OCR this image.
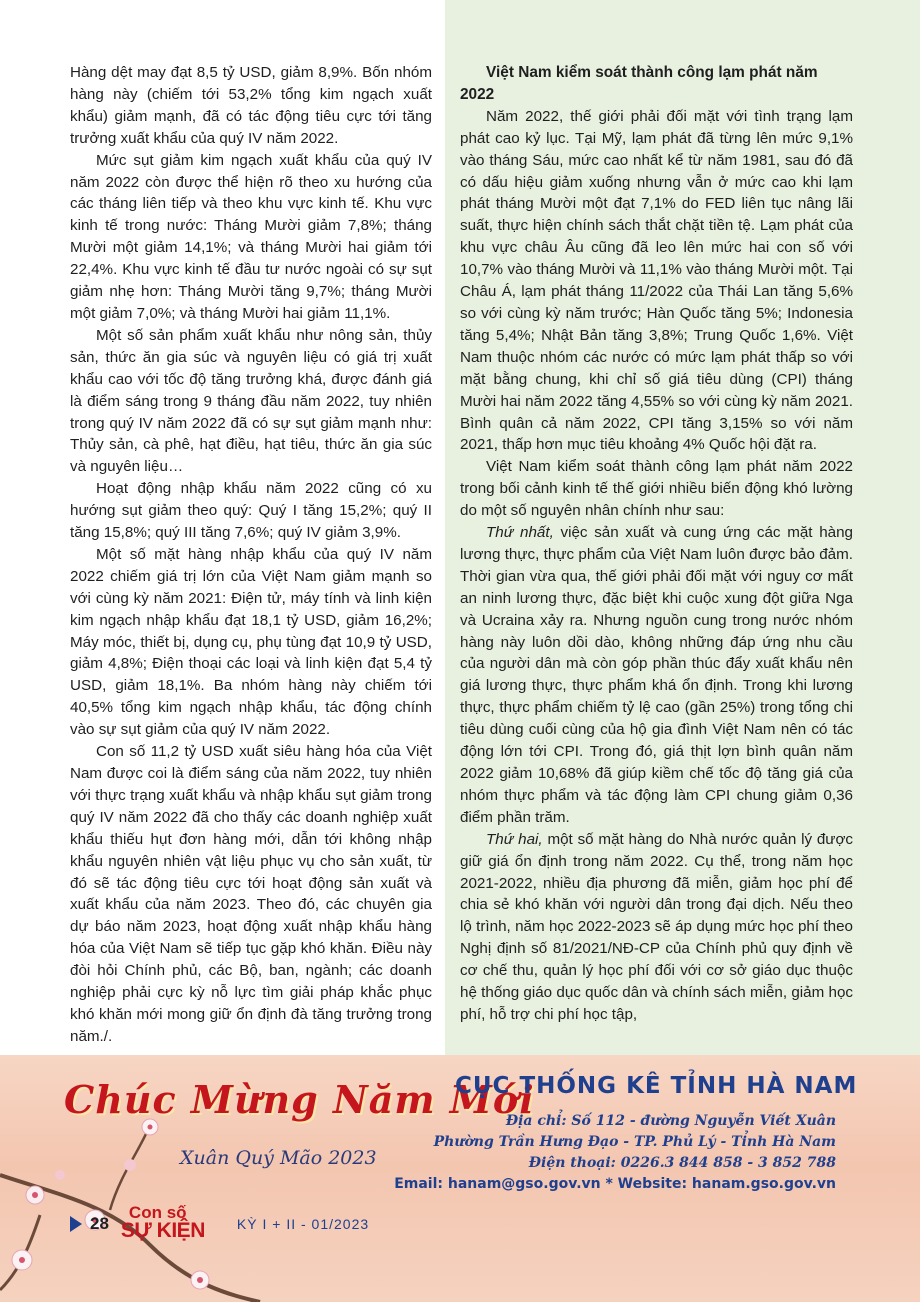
Hàng dệt may đạt 8,5 tỷ USD, giảm 8,9%. Bốn nhóm hàng này (chiếm tới 53,2% tổng kim ngạch xuất khẩu) giảm mạnh, đã có tác động tiêu cực tới tăng trưởng xuất khẩu của quý IV năm 2022.

Mức sụt giảm kim ngạch xuất khẩu của quý IV năm 2022 còn được thể hiện rõ theo xu hướng của các tháng liên tiếp và theo khu vực kinh tế. Khu vực kinh tế trong nước: Tháng Mười giảm 7,8%; tháng Mười một giảm 14,1%; và tháng Mười hai giảm tới 22,4%. Khu vực kinh tế đầu tư nước ngoài có sự sụt giảm nhẹ hơn: Tháng Mười tăng 9,7%; tháng Mười một giảm 7,0%; và tháng Mười hai giảm 11,1%.

Một số sản phẩm xuất khẩu như nông sản, thủy sản, thức ăn gia súc và nguyên liệu có giá trị xuất khẩu cao với tốc độ tăng trưởng khá, được đánh giá là điểm sáng trong 9 tháng đầu năm 2022, tuy nhiên trong quý IV năm 2022 đã có sự sụt giảm mạnh như: Thủy sản, cà phê, hạt điều, hạt tiêu, thức ăn gia súc và nguyên liệu…

Hoạt động nhập khẩu năm 2022 cũng có xu hướng sụt giảm theo quý: Quý I tăng 15,2%; quý II tăng 15,8%; quý III tăng 7,6%; quý IV giảm 3,9%.

Một số mặt hàng nhập khẩu của quý IV năm 2022 chiếm giá trị lớn của Việt Nam giảm mạnh so với cùng kỳ năm 2021: Điện tử, máy tính và linh kiện kim ngạch nhập khẩu đạt 18,1 tỷ USD, giảm 16,2%; Máy móc, thiết bị, dụng cụ, phụ tùng đạt 10,9 tỷ USD, giảm 4,8%; Điện thoại các loại và linh kiện đạt 5,4 tỷ USD, giảm 18,1%. Ba nhóm hàng này chiếm tới 40,5% tổng kim ngạch nhập khẩu, tác động chính vào sự sụt giảm của quý IV năm 2022.

Con số 11,2 tỷ USD xuất siêu hàng hóa của Việt Nam được coi là điểm sáng của năm 2022, tuy nhiên với thực trạng xuất khẩu và nhập khẩu sụt giảm trong quý IV năm 2022 đã cho thấy các doanh nghiệp xuất khẩu thiếu hụt đơn hàng mới, dẫn tới không nhập khẩu nguyên nhiên vật liệu phục vụ cho sản xuất, từ đó sẽ tác động tiêu cực tới hoạt động sản xuất và xuất khẩu của năm 2023. Theo đó, các chuyên gia dự báo năm 2023, hoạt động xuất nhập khẩu hàng hóa của Việt Nam sẽ tiếp tục gặp khó khăn. Điều này đòi hỏi Chính phủ, các Bộ, ban, ngành; các doanh nghiệp phải cực kỳ nỗ lực tìm giải pháp khắc phục khó khăn mới mong giữ ổn định đà tăng trưởng trong năm./.

Việt Nam kiểm soát thành công lạm phát năm 2022

Năm 2022, thế giới phải đối mặt với tình trạng lạm phát cao kỷ lục. Tại Mỹ, lạm phát đã từng lên mức 9,1% vào tháng Sáu, mức cao nhất kể từ năm 1981, sau đó đã có dấu hiệu giảm xuống nhưng vẫn ở mức cao khi lạm phát tháng Mười một đạt 7,1% do FED liên tục nâng lãi suất, thực hiện chính sách thắt chặt tiền tệ. Lạm phát của khu vực châu Âu cũng đã leo lên mức hai con số với 10,7% vào tháng Mười và 11,1% vào tháng Mười một. Tại Châu Á, lạm phát tháng 11/2022 của Thái Lan tăng 5,6% so với cùng kỳ năm trước; Hàn Quốc tăng 5%; Indonesia tăng 5,4%; Nhật Bản tăng 3,8%; Trung Quốc 1,6%. Việt Nam thuộc nhóm các nước có mức lạm phát thấp so với mặt bằng chung, khi chỉ số giá tiêu dùng (CPI) tháng Mười hai năm 2022 tăng 4,55% so với cùng kỳ năm 2021. Bình quân cả năm 2022, CPI tăng 3,15% so với năm 2021, thấp hơn mục tiêu khoảng 4% Quốc hội đặt ra.

Việt Nam kiểm soát thành công lạm phát năm 2022 trong bối cảnh kinh tế thế giới nhiều biến động khó lường do một số nguyên nhân chính như sau:

Thứ nhất, việc sản xuất và cung ứng các mặt hàng lương thực, thực phẩm của Việt Nam luôn được bảo đảm. Thời gian vừa qua, thế giới phải đối mặt với nguy cơ mất an ninh lương thực, đặc biệt khi cuộc xung đột giữa Nga và Ucraina xảy ra. Nhưng nguồn cung trong nước nhóm hàng này luôn dồi dào, không những đáp ứng nhu cầu của người dân mà còn góp phần thúc đẩy xuất khẩu nên giá lương thực, thực phẩm khá ổn định. Trong khi lương thực, thực phẩm chiếm tỷ lệ cao (gần 25%) trong tổng chi tiêu dùng cuối cùng của hộ gia đình Việt Nam nên có tác động lớn tới CPI. Trong đó, giá thịt lợn bình quân năm 2022 giảm 10,68% đã giúp kiềm chế tốc độ tăng giá của nhóm thực phẩm và tác động làm CPI chung giảm 0,36 điểm phần trăm.

Thứ hai, một số mặt hàng do Nhà nước quản lý được giữ giá ổn định trong năm 2022. Cụ thể, trong năm học 2021-2022, nhiều địa phương đã miễn, giảm học phí để chia sẻ khó khăn với người dân trong đại dịch. Nếu theo lộ trình, năm học 2022-2023 sẽ áp dụng mức học phí theo Nghị định số 81/2021/NĐ-CP của Chính phủ quy định về cơ chế thu, quản lý học phí đối với cơ sở giáo dục thuộc hệ thống giáo dục quốc dân và chính sách miễn, giảm học phí, hỗ trợ chi phí học tập,

Chúc Mừng Năm Mới
Xuân Quý Mão 2023
CỤC THỐNG KÊ TỈNH HÀ NAM
Địa chỉ: Số 112 - đường Nguyễn Viết Xuân
Phường Trần Hưng Đạo - TP. Phủ Lý - Tỉnh Hà Nam
Điện thoại: 0226.3 844 858 - 3 852 788
Email: hanam@gso.gov.vn * Website: hanam.gso.gov.vn
28
Con số
SỰ KIỆN KỲ I + II - 01/2023
